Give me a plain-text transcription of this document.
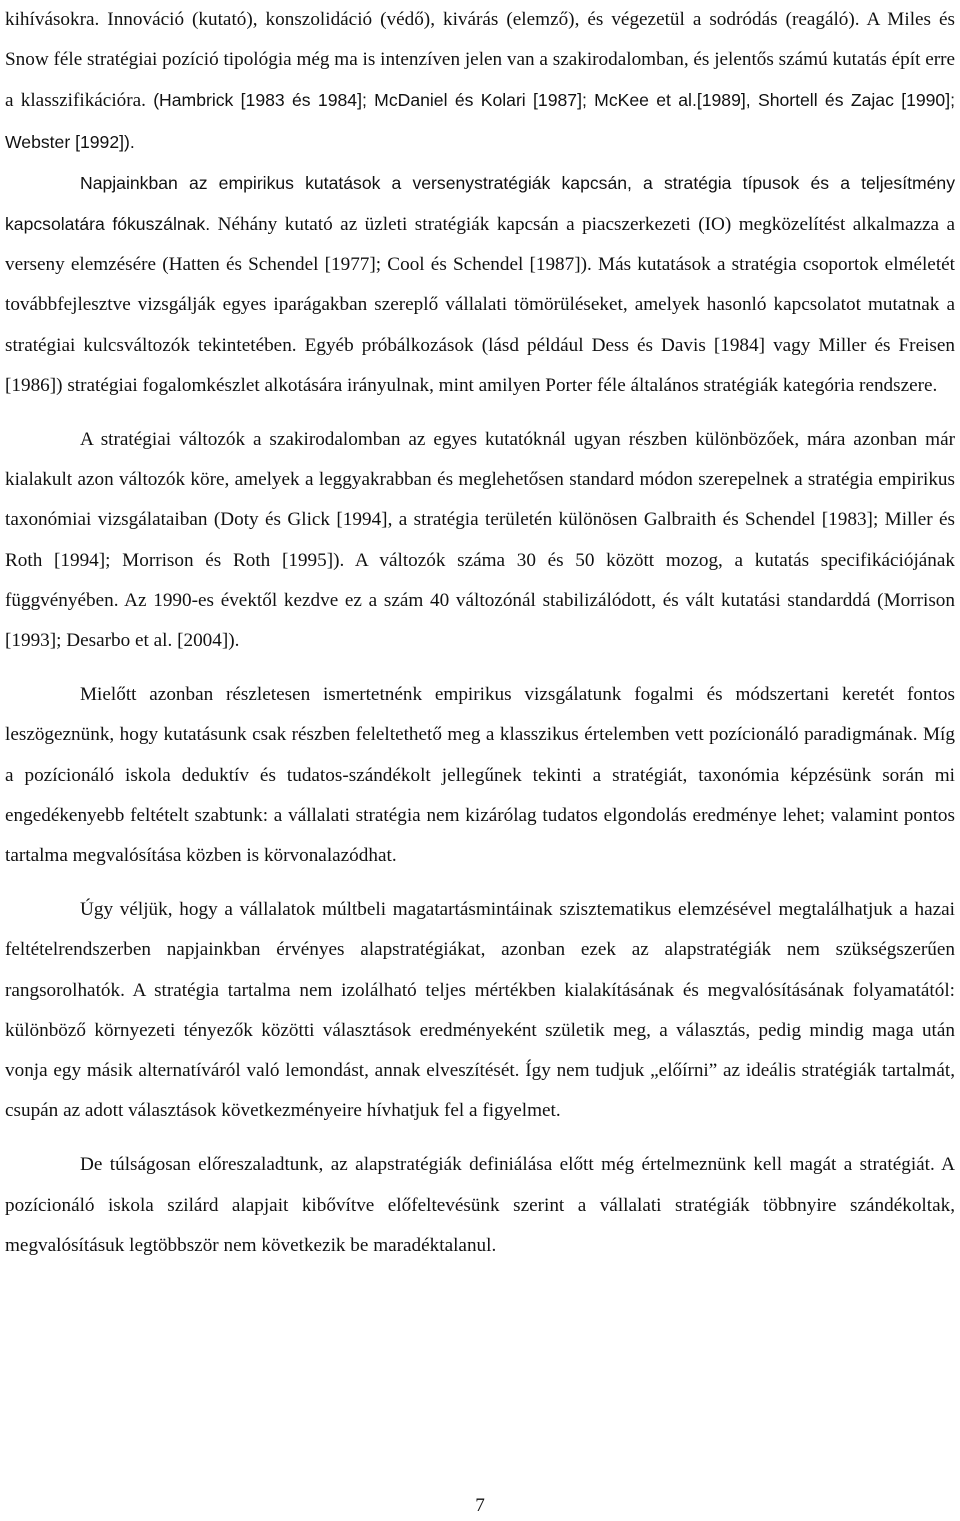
kihívásokra. Innováció (kutató), konszolidáció (védő), kivárás (elemző), és végezetül a sodródás (reagáló). A Miles és Snow féle stratégiai pozíció tipológia még ma is intenzíven jelen van a szakirodalomban, és jelentős számú kutatás épít erre a klasszifikációra. (Hambrick [1983 és 1984]; McDaniel és Kolari [1987]; McKee et al.[1989], Shortell és Zajac [1990]; Webster [1992]).

Napjainkban az empirikus kutatások a versenystratégiák kapcsán, a stratégia típusok és a teljesítmény kapcsolatára fókuszálnak. Néhány kutató az üzleti stratégiák kapcsán a piacszerkezeti (IO) megközelítést alkalmazza a verseny elemzésére (Hatten és Schendel [1977]; Cool és Schendel [1987]). Más kutatások a stratégia csoportok elméletét továbbfejlesztve vizsgálják egyes iparágakban szereplő vállalati tömörüléseket, amelyek hasonló kapcsolatot mutatnak a stratégiai kulcsváltozók tekintetében. Egyéb próbálkozások (lásd például Dess és Davis [1984] vagy Miller és Freisen [1986]) stratégiai fogalomkészlet alkotására irányulnak, mint amilyen Porter féle általános stratégiák kategória rendszere.

A stratégiai változók a szakirodalomban az egyes kutatóknál ugyan részben különbözőek, mára azonban már kialakult azon változók köre, amelyek a leggyakrabban és meglehetősen standard módon szerepelnek a stratégia empirikus taxonómiai vizsgálataiban (Doty és Glick [1994], a stratégia területén különösen Galbraith és Schendel [1983]; Miller és Roth [1994]; Morrison és Roth [1995]). A változók száma 30 és 50 között mozog, a kutatás specifikációjának függvényében. Az 1990-es évektől kezdve ez a szám 40 változónál stabilizálódott, és vált kutatási standarddá (Morrison [1993]; Desarbo et al. [2004]).

Mielőtt azonban részletesen ismertetnénk empirikus vizsgálatunk fogalmi és módszertani keretét fontos leszögeznünk, hogy kutatásunk csak részben feleltethető meg a klasszikus értelemben vett pozícionáló paradigmának. Míg a pozícionáló iskola deduktív és tudatos-szándékolt jellegűnek tekinti a stratégiát, taxonómia képzésünk során mi engedékenyebb feltételt szabtunk: a vállalati stratégia nem kizárólag tudatos elgondolás eredménye lehet; valamint pontos tartalma megvalósítása közben is körvonalazódhat.

Úgy véljük, hogy a vállalatok múltbeli magatartásmintáinak szisztematikus elemzésével megtalálhatjuk a hazai feltételrendszerben napjainkban érvényes alapstratégiákat, azonban ezek az alapstratégiák nem szükségszerűen rangsorolhatók. A stratégia tartalma nem izolálható teljes mértékben kialakításának és megvalósításának folyamatától: különböző környezeti tényezők közötti választások eredményeként születik meg, a választás, pedig mindig maga után vonja egy másik alternatíváról való lemondást, annak elveszítését. Így nem tudjuk „előírni” az ideális stratégiák tartalmát, csupán az adott választások következményeire hívhatjuk fel a figyelmet.

De túlságosan előreszaladtunk, az alapstratégiák definiálása előtt még értelmeznünk kell magát a stratégiát. A pozícionáló iskola szilárd alapjait kibővítve előfeltevésünk szerint a vállalati stratégiák többnyire szándékoltak, megvalósításuk legtöbbször nem következik be maradéktalanul.

7
